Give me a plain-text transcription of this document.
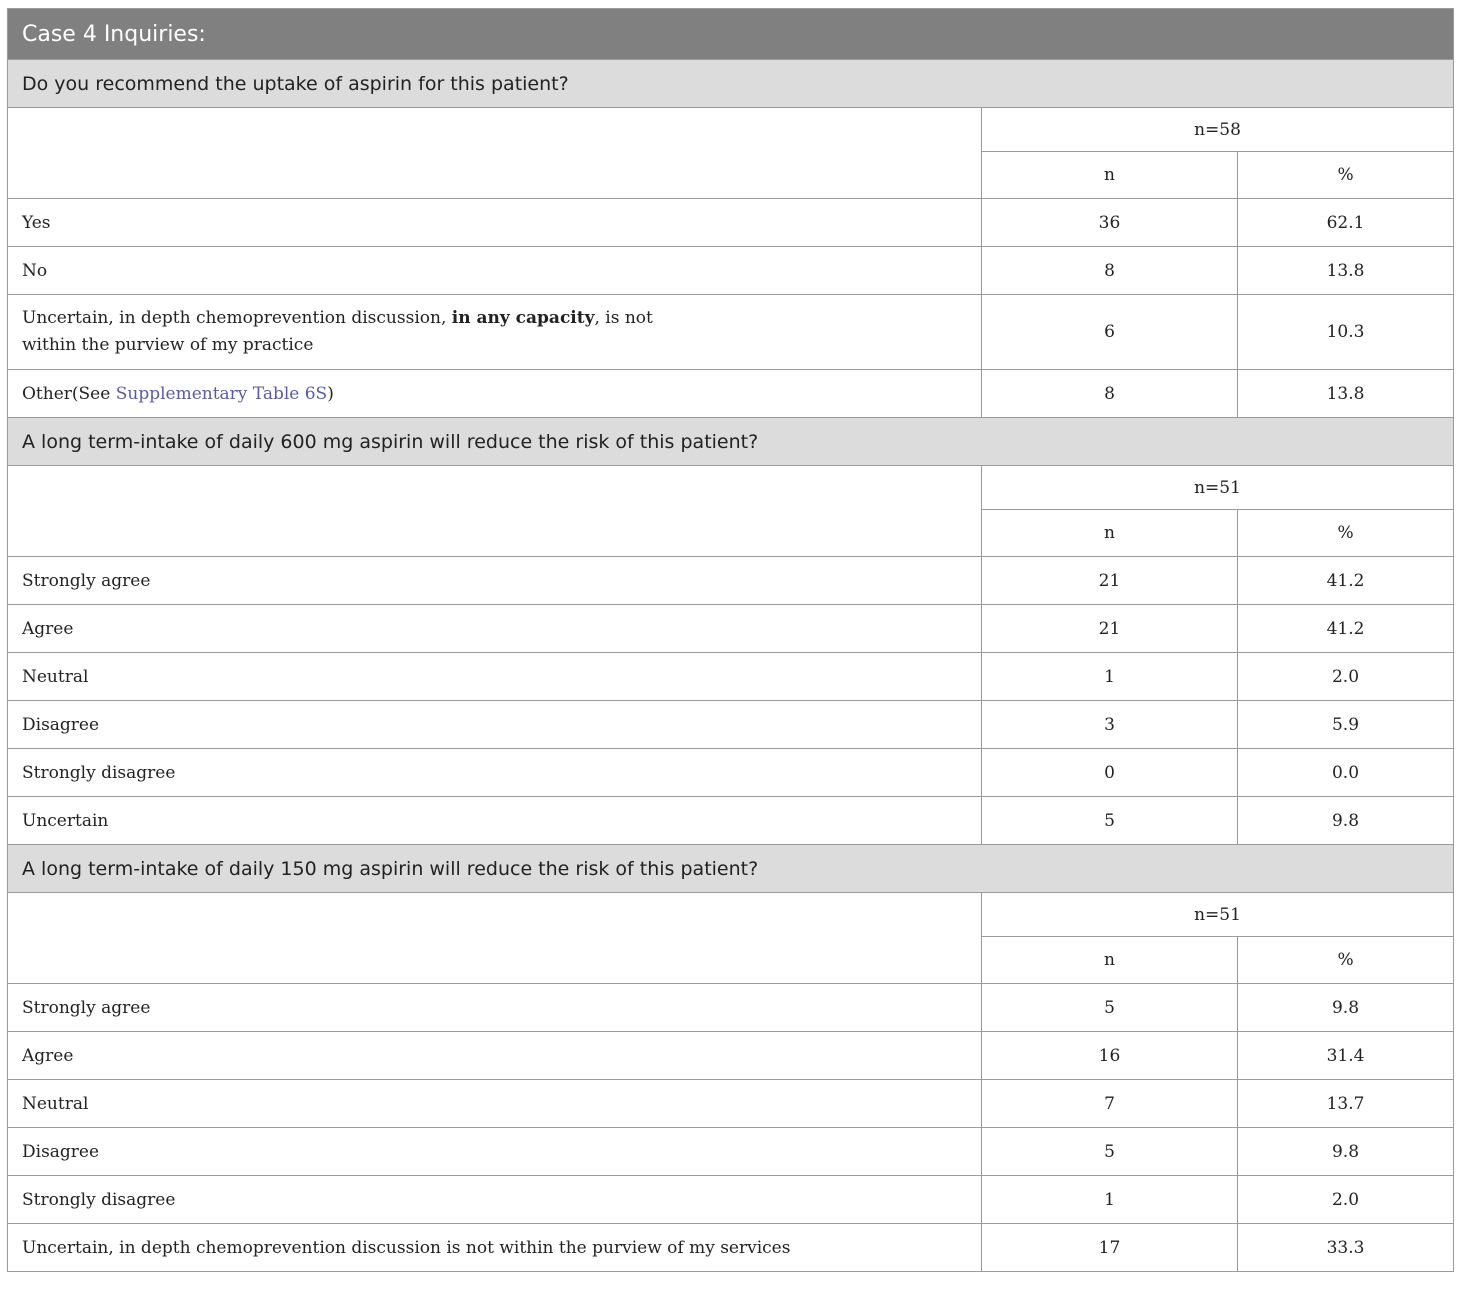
Case 4 Inquiries:		
Do you recommend the uptake of aspirin for this patient?		
	n=58	
	n	%
Yes	36	62.1
No	8	13.8
Uncertain, in depth chemoprevention discussion, in any capacity, is not
within the purview of my practice	6	10.3
Other(See Supplementary Table 6S)	8	13.8
A long term-intake of daily 600 mg aspirin will reduce the risk of this patient?		
	n=51	
	n	%
Strongly agree	21	41.2
Agree	21	41.2
Neutral	1	2.0
Disagree	3	5.9
Strongly disagree	0	0.0
Uncertain	5	9.8
A long term-intake of daily 150 mg aspirin will reduce the risk of this patient?		
	n=51	
	n	%
Strongly agree	5	9.8
Agree	16	31.4
Neutral	7	13.7
Disagree	5	9.8
Strongly disagree	1	2.0
Uncertain, in depth chemoprevention discussion is not within the purview of my services	17	33.3
